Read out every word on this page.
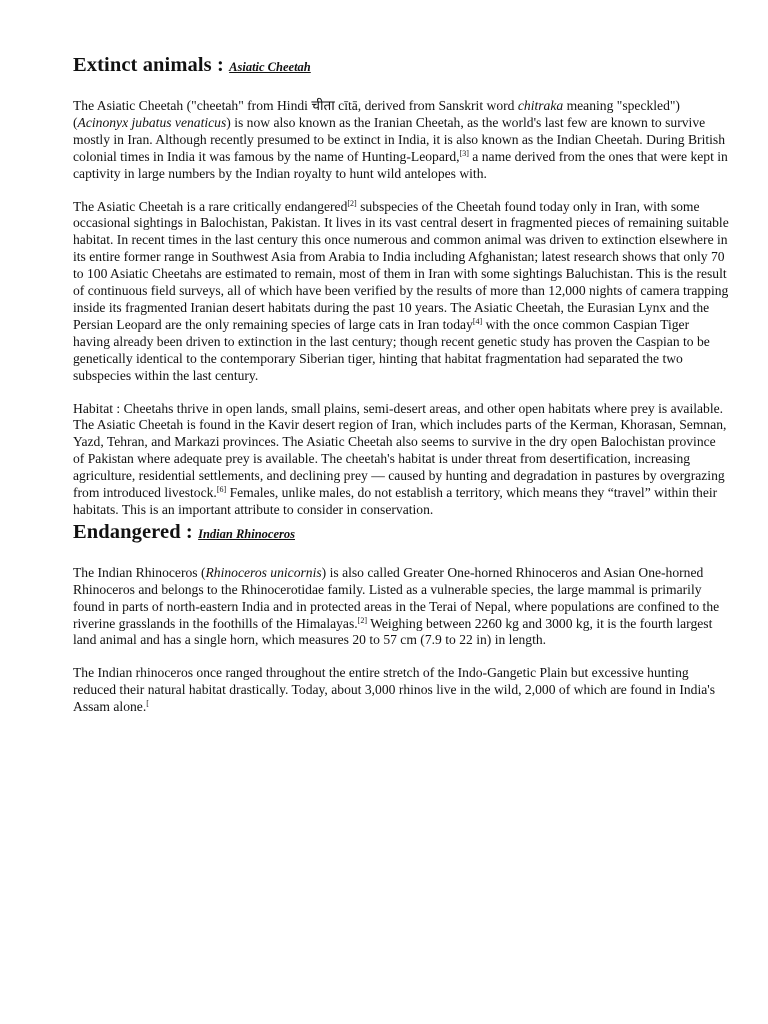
Extinct animals : Asiatic Cheetah

The Asiatic Cheetah ("cheetah" from Hindi चीता cītā, derived from Sanskrit word chitraka meaning "speckled") (Acinonyx jubatus venaticus) is now also known as the Iranian Cheetah, as the world's last few are known to survive mostly in Iran. Although recently presumed to be extinct in India, it is also known as the Indian Cheetah. During British colonial times in India it was famous by the name of Hunting-Leopard,[3] a name derived from the ones that were kept in captivity in large numbers by the Indian royalty to hunt wild antelopes with.

The Asiatic Cheetah is a rare critically endangered[2] subspecies of the Cheetah found today only in Iran, with some occasional sightings in Balochistan, Pakistan. It lives in its vast central desert in fragmented pieces of remaining suitable habitat. In recent times in the last century this once numerous and common animal was driven to extinction elsewhere in its entire former range in Southwest Asia from Arabia to India including Afghanistan; latest research shows that only 70 to 100 Asiatic Cheetahs are estimated to remain, most of them in Iran with some sightings Baluchistan. This is the result of continuous field surveys, all of which have been verified by the results of more than 12,000 nights of camera trapping inside its fragmented Iranian desert habitats during the past 10 years. The Asiatic Cheetah, the Eurasian Lynx and the Persian Leopard are the only remaining species of large cats in Iran today[4] with the once common Caspian Tiger having already been driven to extinction in the last century; though recent genetic study has proven the Caspian to be genetically identical to the contemporary Siberian tiger, hinting that habitat fragmentation had separated the two subspecies within the last century.

Habitat : Cheetahs thrive in open lands, small plains, semi-desert areas, and other open habitats where prey is available. The Asiatic Cheetah is found in the Kavir desert region of Iran, which includes parts of the Kerman, Khorasan, Semnan, Yazd, Tehran, and Markazi provinces. The Asiatic Cheetah also seems to survive in the dry open Balochistan province of Pakistan where adequate prey is available. The cheetah's habitat is under threat from desertification, increasing agriculture, residential settlements, and declining prey — caused by hunting and degradation in pastures by overgrazing from introduced livestock.[6] Females, unlike males, do not establish a territory, which means they “travel” within their habitats. This is an important attribute to consider in conservation.

Endangered : Indian Rhinoceros

The Indian Rhinoceros (Rhinoceros unicornis) is also called Greater One-horned Rhinoceros and Asian One-horned Rhinoceros and belongs to the Rhinocerotidae family. Listed as a vulnerable species, the large mammal is primarily found in parts of north-eastern India and in protected areas in the Terai of Nepal, where populations are confined to the riverine grasslands in the foothills of the Himalayas.[2] Weighing between 2260 kg and 3000 kg, it is the fourth largest land animal and has a single horn, which measures 20 to 57 cm (7.9 to 22 in) in length.

The Indian rhinoceros once ranged throughout the entire stretch of the Indo-Gangetic Plain but excessive hunting reduced their natural habitat drastically. Today, about 3,000 rhinos live in the wild, 2,000 of which are found in India's Assam alone.[
